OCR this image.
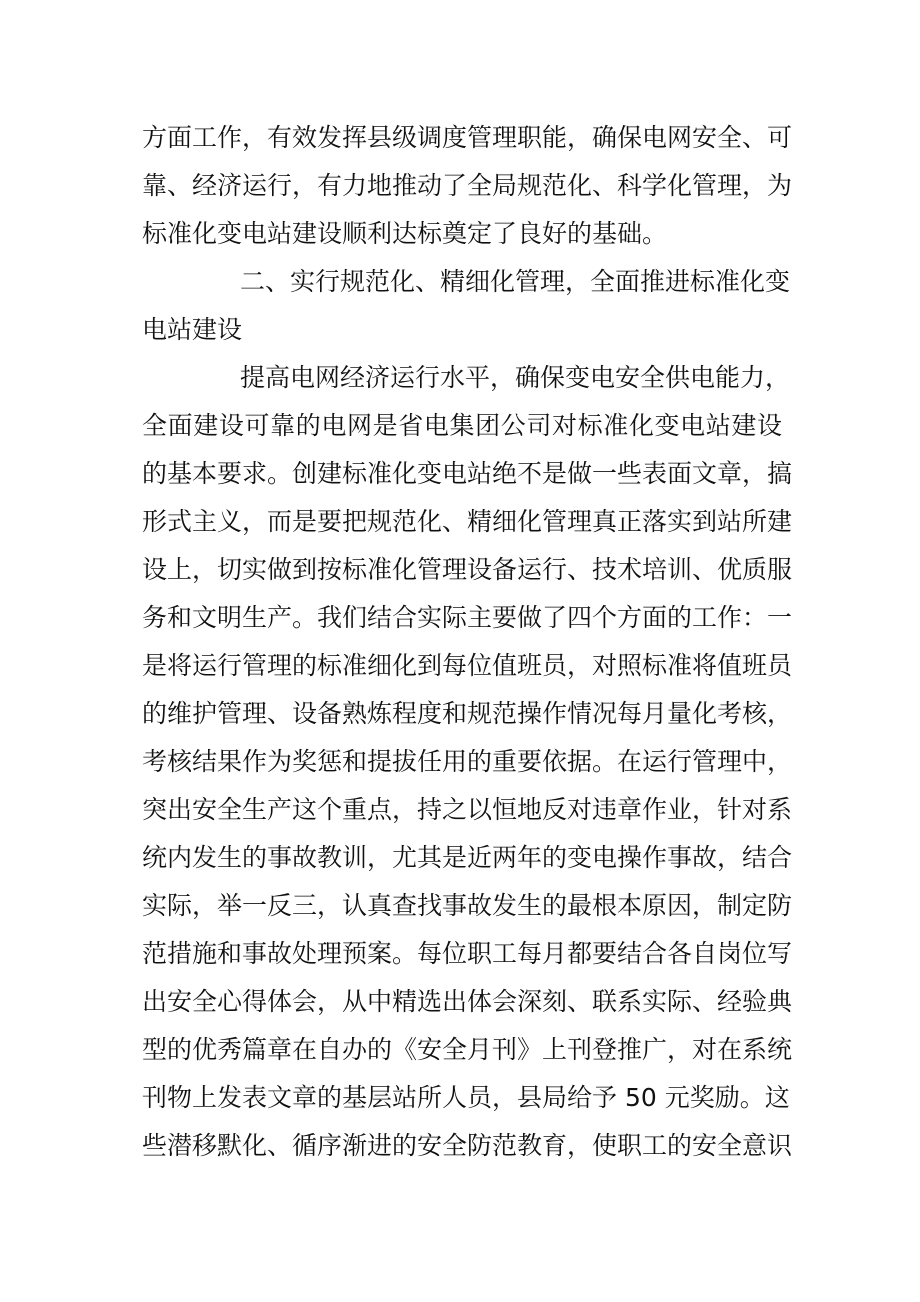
方面工作，有效发挥县级调度管理职能，确保电网安全、可
靠、经济运行，有力地推动了全局规范化、科学化管理，为
标准化变电站建设顺利达标奠定了良好的基础。
二、实行规范化、精细化管理，全面推进标准化变
电站建设
提高电网经济运行水平，确保变电安全供电能力，
全面建设可靠的电网是省电集团公司对标准化变电站建设
的基本要求。创建标准化变电站绝不是做一些表面文章，搞
形式主义，而是要把规范化、精细化管理真正落实到站所建
设上，切实做到按标准化管理设备运行、技术培训、优质服
务和文明生产。我们结合实际主要做了四个方面的工作：一
是将运行管理的标准细化到每位值班员，对照标准将值班员
的维护管理、设备熟炼程度和规范操作情况每月量化考核，
考核结果作为奖惩和提拔任用的重要依据。在运行管理中，
突出安全生产这个重点，持之以恒地反对违章作业，针对系
统内发生的事故教训，尤其是近两年的变电操作事故，结合
实际，举一反三，认真查找事故发生的最根本原因，制定防
范措施和事故处理预案。每位职工每月都要结合各自岗位写
出安全心得体会，从中精选出体会深刻、联系实际、经验典
型的优秀篇章在自办的《安全月刊》上刊登推广，对在系统
刊物上发表文章的基层站所人员，县局给予 50 元奖励。这
些潜移默化、循序渐进的安全防范教育，使职工的安全意识
